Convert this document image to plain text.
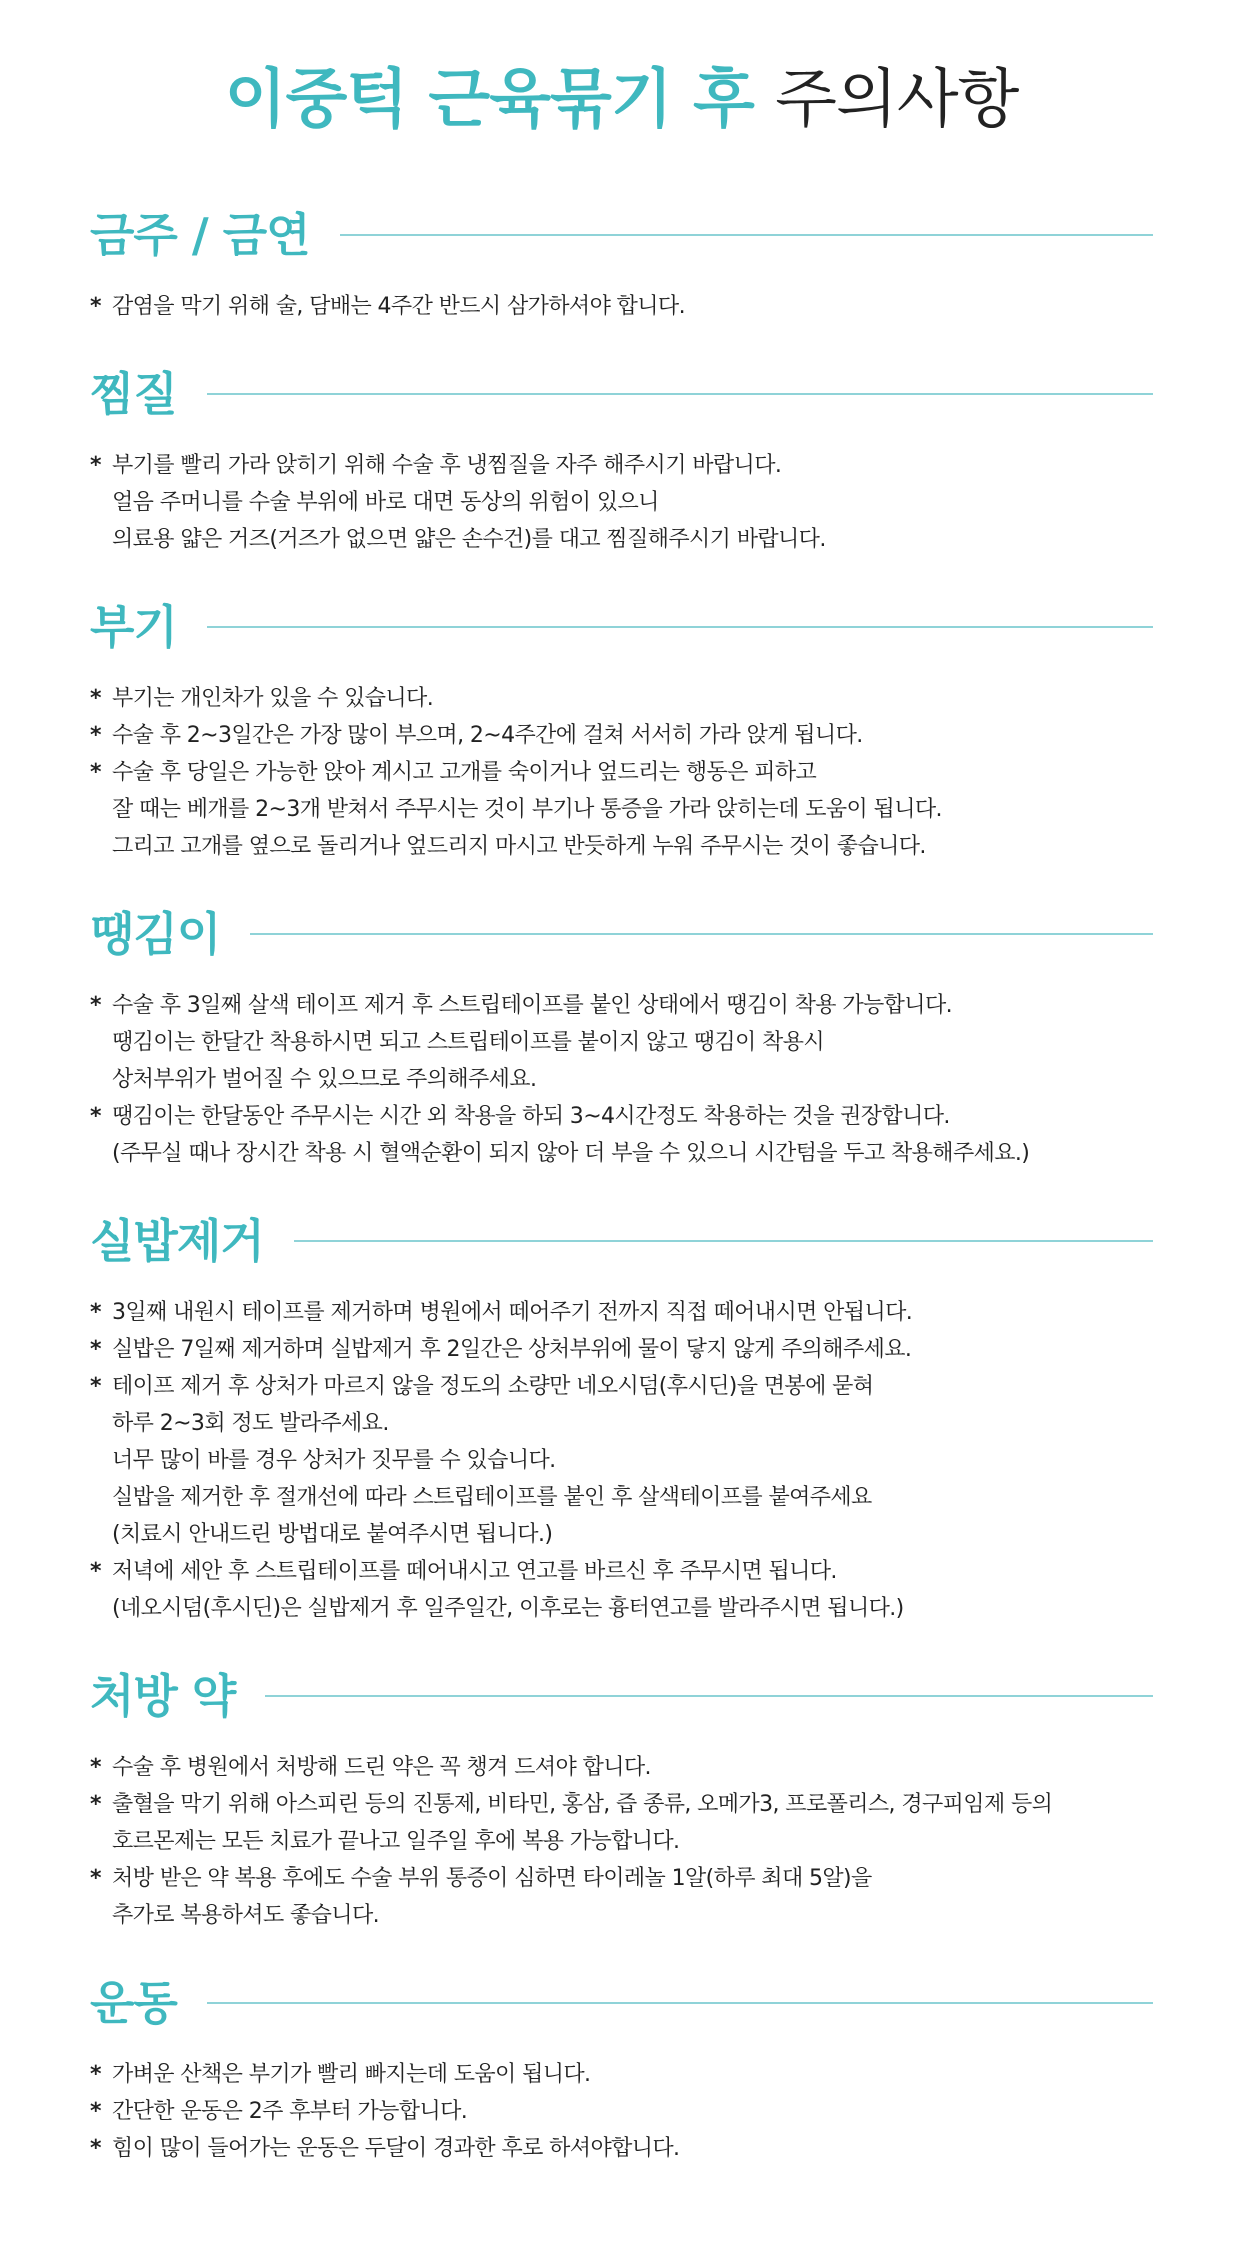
이중턱 근육묶기 후 주의사항
금주 / 금연
* 감염을 막기 위해 술, 담배는 4주간 반드시 삼가하셔야 합니다.
찜질
* 부기를 빨리 가라 앉히기 위해 수술 후 냉찜질을 자주 해주시기 바랍니다.
얼음 주머니를 수술 부위에 바로 대면 동상의 위험이 있으니
의료용 얇은 거즈(거즈가 없으면 얇은 손수건)를 대고 찜질해주시기 바랍니다.
부기
* 부기는 개인차가 있을 수 있습니다.
* 수술 후 2~3일간은 가장 많이 부으며, 2~4주간에 걸쳐 서서히 가라 앉게 됩니다.
* 수술 후 당일은 가능한 앉아 계시고 고개를 숙이거나 엎드리는 행동은 피하고
잘 때는 베개를 2~3개 받쳐서 주무시는 것이 부기나 통증을 가라 앉히는데 도움이 됩니다.
그리고 고개를 옆으로 돌리거나 엎드리지 마시고 반듯하게 누워 주무시는 것이 좋습니다.
땡김이
* 수술 후 3일째 살색 테이프 제거 후 스트립테이프를 붙인 상태에서 땡김이 착용 가능합니다.
땡김이는 한달간 착용하시면 되고 스트립테이프를 붙이지 않고 땡김이 착용시
상처부위가 벌어질 수 있으므로 주의해주세요.
* 땡김이는 한달동안 주무시는 시간 외 착용을 하되 3~4시간정도 착용하는 것을 권장합니다.
(주무실 때나 장시간 착용 시 혈액순환이 되지 않아 더 부을 수 있으니 시간텀을 두고 착용해주세요.)
실밥제거
* 3일째 내원시 테이프를 제거하며 병원에서 떼어주기 전까지 직접 떼어내시면 안됩니다.
* 실밥은 7일째 제거하며 실밥제거 후 2일간은 상처부위에 물이 닿지 않게 주의해주세요.
* 테이프 제거 후 상처가 마르지 않을 정도의 소량만 네오시덤(후시딘)을 면봉에 묻혀
하루 2~3회 정도 발라주세요.
너무 많이 바를 경우 상처가 짓무를 수 있습니다.
실밥을 제거한 후 절개선에 따라 스트립테이프를 붙인 후 살색테이프를 붙여주세요
(치료시 안내드린 방법대로 붙여주시면 됩니다.)
* 저녁에 세안 후 스트립테이프를 떼어내시고 연고를 바르신 후 주무시면 됩니다.
(네오시덤(후시딘)은 실밥제거 후 일주일간, 이후로는 흉터연고를 발라주시면 됩니다.)
처방 약
* 수술 후 병원에서 처방해 드린 약은 꼭 챙겨 드셔야 합니다.
* 출혈을 막기 위해 아스피린 등의 진통제, 비타민, 홍삼, 즙 종류, 오메가3, 프로폴리스, 경구피임제 등의
호르몬제는 모든 치료가 끝나고 일주일 후에 복용 가능합니다.
* 처방 받은 약 복용 후에도 수술 부위 통증이 심하면 타이레놀 1알(하루 최대 5알)을
추가로 복용하셔도 좋습니다.
운동
* 가벼운 산책은 부기가 빨리 빠지는데 도움이 됩니다.
* 간단한 운동은 2주 후부터 가능합니다.
* 힘이 많이 들어가는 운동은 두달이 경과한 후로 하셔야합니다.
